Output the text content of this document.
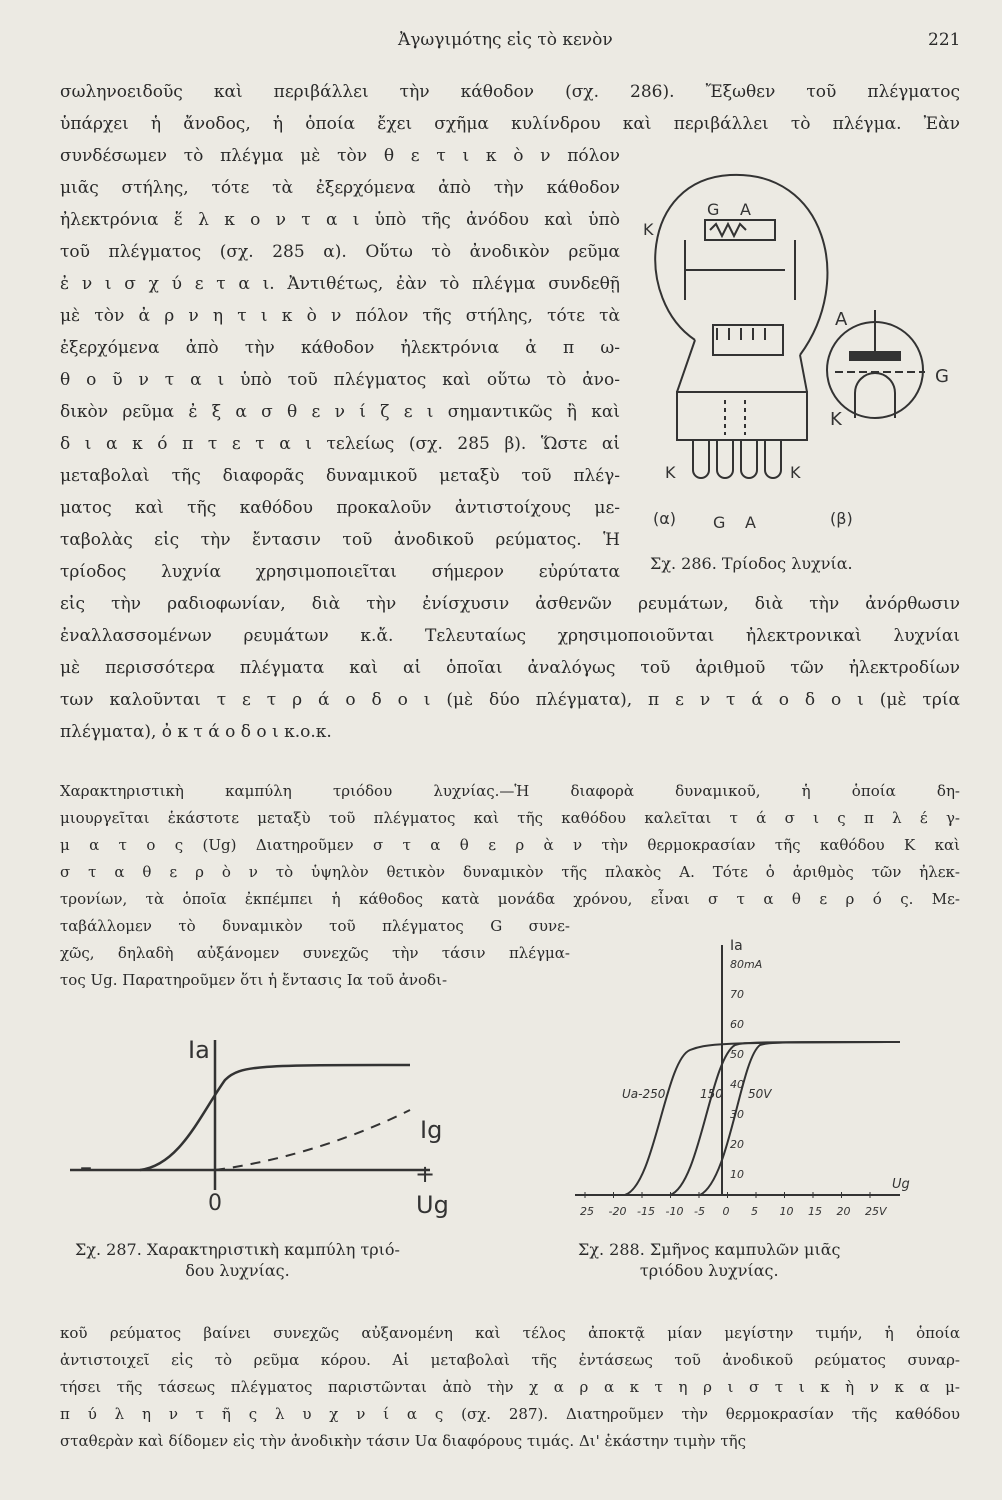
Ἀγωγιμότης εἰς τὸ κενὸν	221
σωληνοειδοῦς καὶ περιβάλλει τὴν κάθοδον (σχ. 286). Ἔξωθεν τοῦ πλέγματος
ὑπάρχει ἡ ἄνοδος, ἡ ὁποία ἔχει σχῆμα κυλίνδρου καὶ περιβάλλει τὸ πλέγμα. Ἐὰν
συνδέσωμεν τὸ πλέγμα μὲ τὸν θ ε τ ι κ ὸ ν πόλον
μιᾶς στήλης, τότε τὰ ἐξερχόμενα ἀπὸ τὴν κάθοδον
ἠλεκτρόνια ἕ λ κ ο ν τ α ι ὑπὸ τῆς ἀνόδου καὶ ὑπὸ
τοῦ πλέγματος (σχ. 285 α). Οὕτω τὸ ἀνοδικὸν ρεῦμα
ἐ ν ι σ χ ύ ε τ α ι. Ἀντιθέτως, ἐὰν τὸ πλέγμα συνδεθῇ
μὲ τὸν ἀ ρ ν η τ ι κ ὸ ν πόλον τῆς στήλης, τότε τὰ
ἐξερχόμενα ἀπὸ τὴν κάθοδον ἠλεκτρόνια ἀ π ω-
θ ο ῦ ν τ α ι ὑπὸ τοῦ πλέγματος καὶ οὕτω τὸ ἀνο-
δικὸν ρεῦμα ἐ ξ α σ θ ε ν ί ζ ε ι σημαντικῶς ἢ καὶ
δ ι α κ ό π τ ε τ α ι τελείως (σχ. 285 β). Ὥστε αἱ
μεταβολαὶ τῆς διαφορᾶς δυναμικοῦ μεταξὺ τοῦ πλέγ-
ματος καὶ τῆς καθόδου προκαλοῦν ἀντιστοίχους με-
ταβολὰς εἰς τὴν ἔντασιν τοῦ ἀνοδικοῦ ρεύματος. Ἡ
τρίοδος λυχνία χρησιμοποιεῖται σήμερον εὐρύτατα
εἰς τὴν ραδιοφωνίαν, διὰ τὴν ἐνίσχυσιν ἀσθενῶν ρευμάτων, διὰ τὴν ἀνόρθωσιν
ἐναλλασσομένων ρευμάτων κ.ἄ. Τελευταίως χρησιμοποιοῦνται ἠλεκτρονικαὶ λυχνίαι
μὲ περισσότερα πλέγματα καὶ αἱ ὁποῖαι ἀναλόγως τοῦ ἀριθμοῦ τῶν ἠλεκτροδίων
των καλοῦνται τ ε τ ρ ά ο δ ο ι (μὲ δύο πλέγματα), π ε ν τ ά ο δ ο ι (μὲ τρία
πλέγματα), ὀ κ τ ά ο δ ο ι κ.ο.κ.
K
G A
A
G
K
K	K
(α) G A	(β)
Σχ. 286. Τρίοδος λυχνία.
Χαρακτηριστικὴ καμπύλη τριόδου λυχνίας.—Ἡ διαφορὰ δυναμικοῦ, ἡ ὁποία δη-
μιουργεῖται ἑκάστοτε μεταξὺ τοῦ πλέγματος καὶ τῆς καθόδου καλεῖται τ ά σ ι ς π λ έ γ-
μ α τ ο ς (Ug) Διατηροῦμεν σ τ α θ ε ρ ὰ ν τὴν θερμοκρασίαν τῆς καθόδου K καὶ
σ τ α θ ε ρ ὸ ν τὸ ὑψηλὸν θετικὸν δυναμικὸν τῆς πλακὸς A. Τότε ὁ ἀριθμὸς τῶν ἠλεκ-
τρονίων, τὰ ὁποῖα ἐκπέμπει ἡ κάθοδος κατὰ μονάδα χρόνου, εἶναι σ τ α θ ε ρ ό ς. Με-
ταβάλλομεν τὸ δυναμικὸν τοῦ πλέγματος G συνε-
χῶς, δηλαδὴ αὐξάνομεν συνεχῶς τὴν τάσιν πλέγμα-
τος Ug. Παρατηροῦμεν ὅτι ἡ ἔντασις Iα τοῦ ἀνοδι-
Ia
Ig
+
–
0	Ug
Σχ. 287. Χαρακτηριστικὴ καμπύλη τριό-
δου λυχνίας.
Ia
80mA
Ua-250	150 50V
Ug
70
60
50
40
30
20
10
25 -20 -15 -10 -5 0 5 10 15 20 25V
Σχ. 288. Σμῆνος καμπυλῶν μιᾶς
τριόδου λυχνίας.
κοῦ ρεύματος βαίνει συνεχῶς αὐξανομένη καὶ τέλος ἀποκτᾷ μίαν μεγίστην τιμήν, ἡ ὁποία
ἀντιστοιχεῖ εἰς τὸ ρεῦμα κόρου. Αἱ μεταβολαὶ τῆς ἐντάσεως τοῦ ἀνοδικοῦ ρεύματος συναρ-
τήσει τῆς τάσεως πλέγματος παριστῶνται ἀπὸ τὴν χ α ρ α κ τ η ρ ι σ τ ι κ ὴ ν κ α μ-
π ύ λ η ν τ ῆ ς λ υ χ ν ί α ς (σχ. 287). Διατηροῦμεν τὴν θερμοκρασίαν τῆς καθόδου
σταθερὰν καὶ δίδομεν εἰς τὴν ἀνοδικὴν τάσιν Uα διαφόρους τιμάς. Δι' ἑκάστην τιμὴν τῆς
